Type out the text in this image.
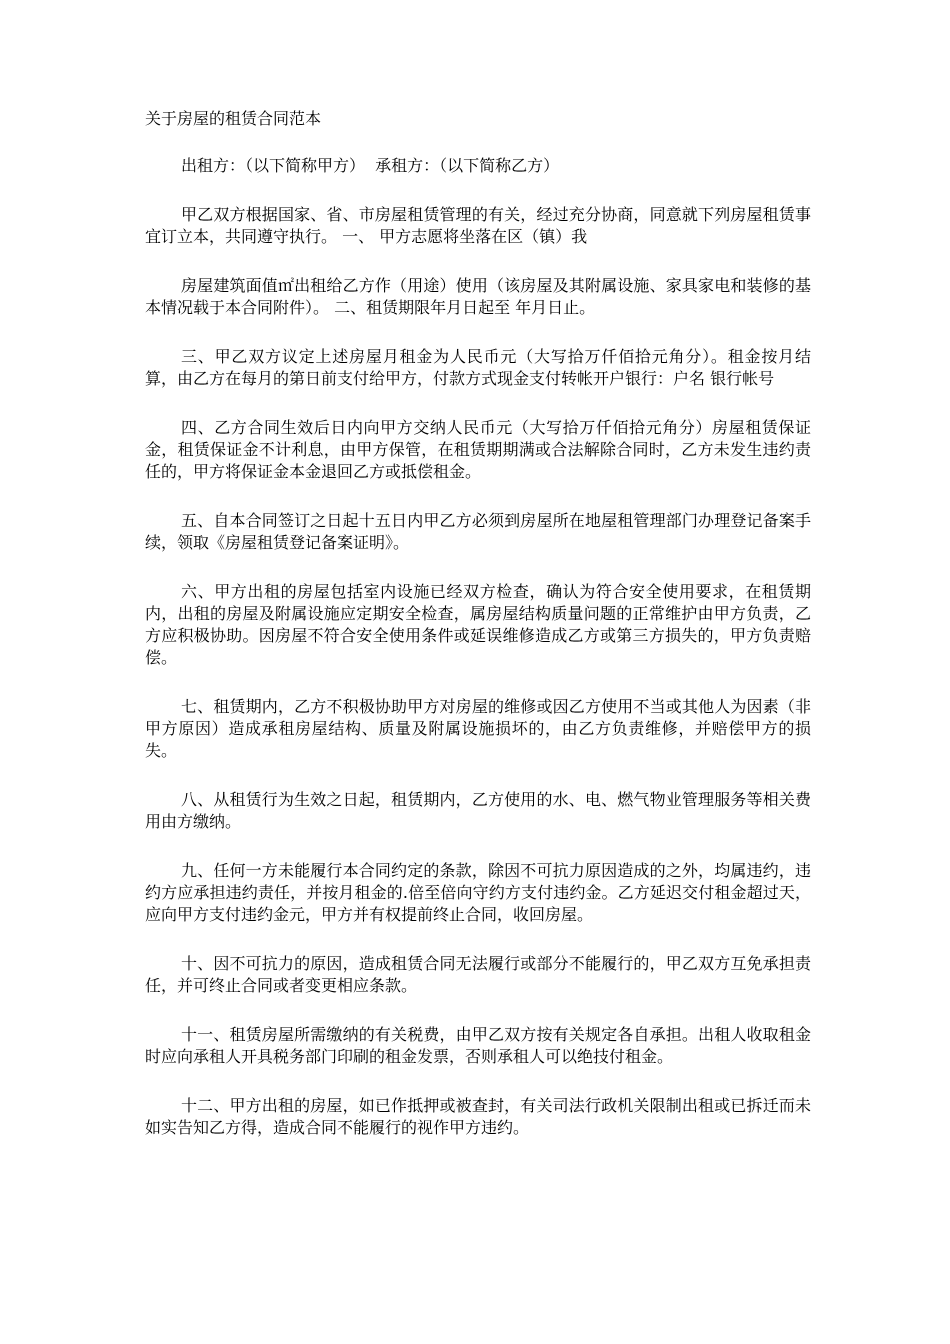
关于房屋的租赁合同范本

出租方：（以下简称甲方）  承租方：（以下简称乙方）

甲乙双方根据国家、省、市房屋租赁管理的有关，经过充分协商，同意就下列房屋租赁事宜订立本，共同遵守执行。 一、 甲方志愿将坐落在区（镇）我

房屋建筑面值㎡出租给乙方作（用途）使用（该房屋及其附属设施、家具家电和装修的基本情况载于本合同附件）。 二、租赁期限年月日起至 年月日止。

三、甲乙双方议定上述房屋月租金为人民币元（大写拾万仟佰拾元角分）。租金按月结算，由乙方在每月的第日前支付给甲方，付款方式现金支付转帐开户银行：户名 银行帐号

四、乙方合同生效后日内向甲方交纳人民币元（大写拾万仟佰拾元角分）房屋租赁保证金，租赁保证金不计利息，由甲方保管，在租赁期期满或合法解除合同时，乙方未发生违约责任的，甲方将保证金本金退回乙方或抵偿租金。

五、自本合同签订之日起十五日内甲乙方必须到房屋所在地屋租管理部门办理登记备案手续，领取《房屋租赁登记备案证明》。

六、甲方出租的房屋包括室内设施已经双方检查，确认为符合安全使用要求，在租赁期内，出租的房屋及附属设施应定期安全检查，属房屋结构质量问题的正常维护由甲方负责，乙方应积极协助。因房屋不符合安全使用条件或延误维修造成乙方或第三方损失的，甲方负责赔偿。

七、租赁期内，乙方不积极协助甲方对房屋的维修或因乙方使用不当或其他人为因素（非甲方原因）造成承租房屋结构、质量及附属设施损坏的，由乙方负责维修，并赔偿甲方的损失。

八、从租赁行为生效之日起，租赁期内，乙方使用的水、电、燃气物业管理服务等相关费用由方缴纳。

九、任何一方未能履行本合同约定的条款，除因不可抗力原因造成的之外，均属违约，违约方应承担违约责任，并按月租金的.倍至倍向守约方支付违约金。乙方延迟交付租金超过天，应向甲方支付违约金元，甲方并有权提前终止合同，收回房屋。

十、因不可抗力的原因，造成租赁合同无法履行或部分不能履行的，甲乙双方互免承担责任，并可终止合同或者变更相应条款。

十一、租赁房屋所需缴纳的有关税费，由甲乙双方按有关规定各自承担。出租人收取租金时应向承租人开具税务部门印刷的租金发票，否则承租人可以绝技付租金。

十二、甲方出租的房屋，如已作抵押或被查封，有关司法行政机关限制出租或已拆迁而未如实告知乙方得，造成合同不能履行的视作甲方违约。
